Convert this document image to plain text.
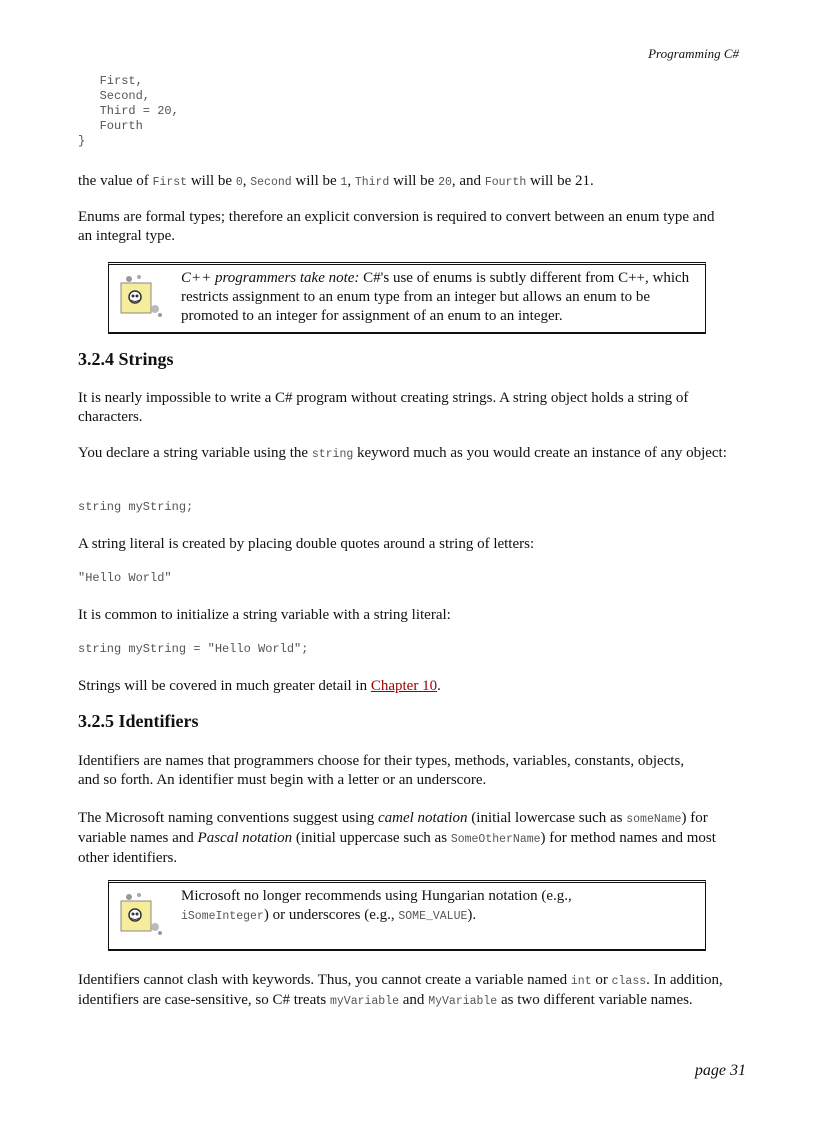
Programming C#
First,
Second,
Third = 20,
Fourth
}

the value of First will be 0, Second will be 1, Third will be 20, and Fourth will be 21.

Enums are formal types; therefore an explicit conversion is required to convert between an enum type and an integral type.

C++ programmers take note: C#'s use of enums is subtly different from C++, which restricts assignment to an enum type from an integer but allows an enum to be promoted to an integer for assignment of an enum to an integer.
3.2.4 Strings

It is nearly impossible to write a C# program without creating strings. A string object holds a string of characters.

You declare a string variable using the string keyword much as you would create an instance of any object:

string myString;

A string literal is created by placing double quotes around a string of letters:

"Hello World"

It is common to initialize a string variable with a string literal:

string myString = "Hello World";

Strings will be covered in much greater detail in Chapter 10.

3.2.5 Identifiers

Identifiers are names that programmers choose for their types, methods, variables, constants, objects, and so forth. An identifier must begin with a letter or an underscore.

The Microsoft naming conventions suggest using camel notation (initial lowercase such as someName) for variable names and Pascal notation (initial uppercase such as SomeOtherName) for method names and most other identifiers.

Microsoft no longer recommends using Hungarian notation (e.g., iSomeInteger) or underscores (e.g., SOME_VALUE).

Identifiers cannot clash with keywords. Thus, you cannot create a variable named int or class. In addition, identifiers are case-sensitive, so C# treats myVariable and MyVariable as two different variable names.

page 31
